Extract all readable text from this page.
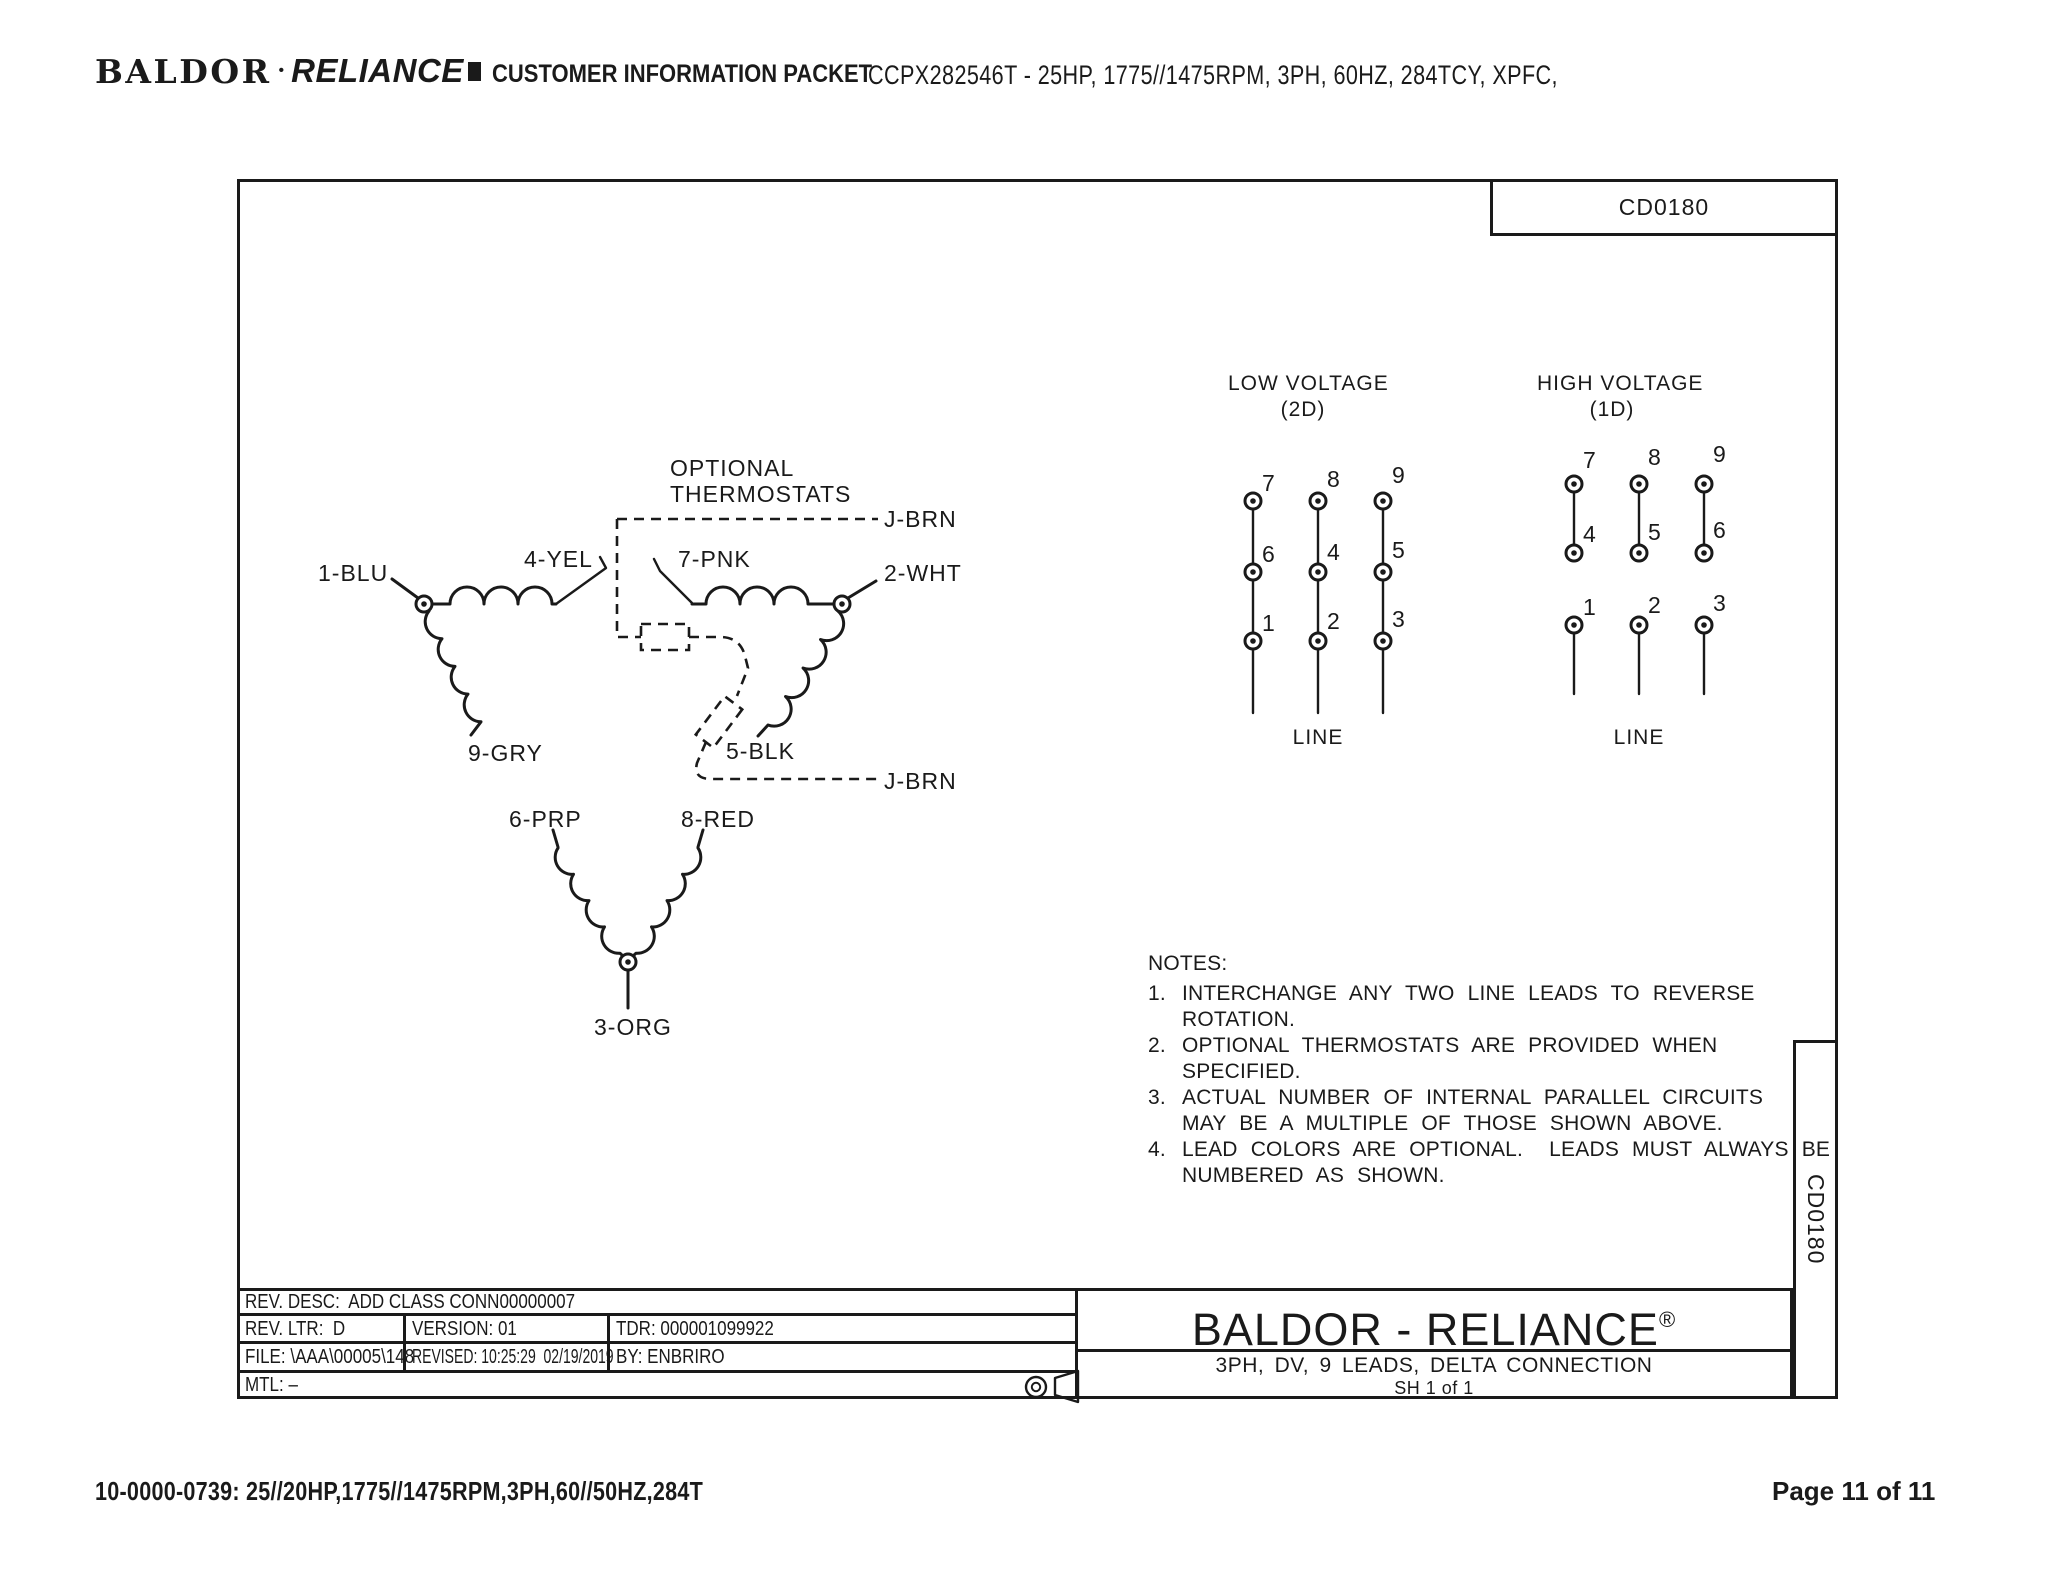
BALDOR • RELIANCE CUSTOMER INFORMATION PACKET
CCPX282546T - 25HP, 1775//1475RPM, 3PH, 60HZ, 284TCY, XPFC,
CD0180
CD0180
OPTIONAL
THERMOSTATS
J-BRN
1-BLU
4-YEL	7-PNK
2-WHT
9-GRY	5-BLK
J-BRN
6-PRP	8-RED
3-ORG
LOW VOLTAGE
(2D)
7 8 9
6 4 5
1 2 3
LINE
HIGH VOLTAGE
(1D)
7 8 9
4 5 6
1 2 3
LINE
NOTES:
1. INTERCHANGE ANY TWO LINE LEADS TO REVERSE
ROTATION.
2. OPTIONAL THERMOSTATS ARE PROVIDED WHEN
SPECIFIED.
3. ACTUAL NUMBER OF INTERNAL PARALLEL CIRCUITS
MAY BE A MULTIPLE OF THOSE SHOWN ABOVE.
4. LEAD COLORS ARE OPTIONAL.  LEADS MUST ALWAYS BE
NUMBERED AS SHOWN.
REV. DESC:  ADD CLASS CONN00000007
REV. LTR:  D	VERSION: 01	TDR: 000001099922
FILE: \AAA\00005\148
REVISED: 10:25:29  02/19/2019 BY: ENBRIRO
MTL: –
BALDOR - RELIANCE®
3PH, DV, 9 LEADS, DELTA CONNECTION
SH 1 of 1
10-0000-0739: 25//20HP,1775//1475RPM,3PH,60//50HZ,284T	Page 11 of 11
